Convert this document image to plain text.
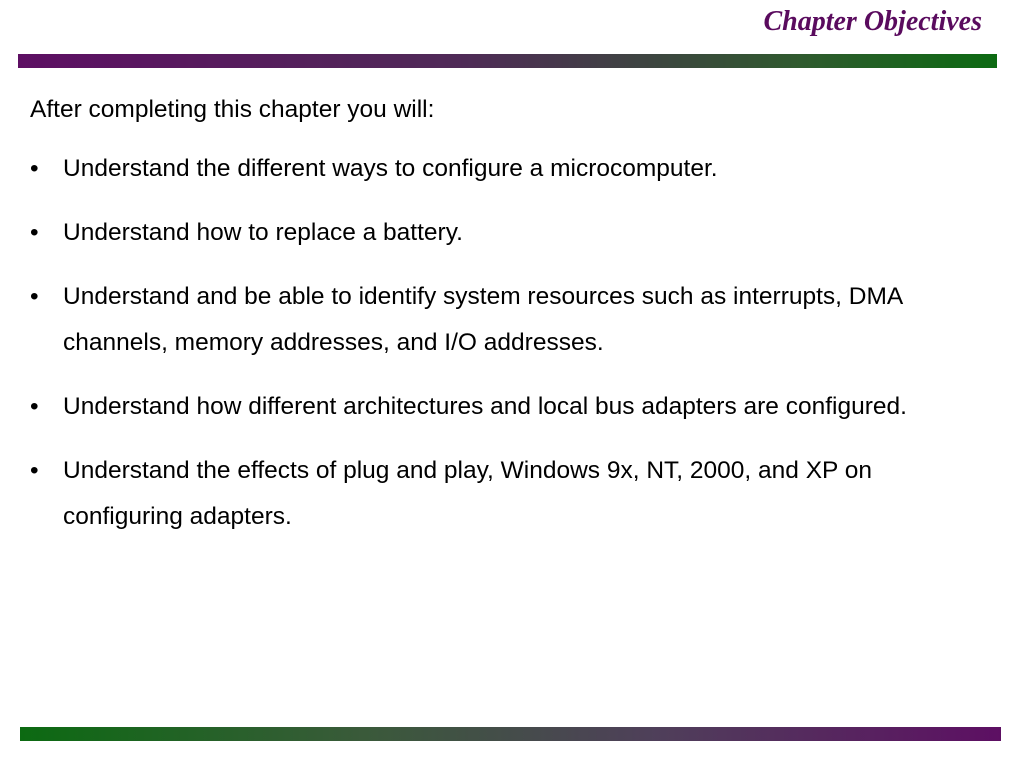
Chapter Objectives

After completing this chapter you will:

• Understand the different ways to configure a microcomputer.
• Understand how to replace a battery.
• Understand and be able to identify system resources such as interrupts, DMA channels, memory addresses, and I/O addresses.
• Understand how different architectures and local bus adapters are configured.
• Understand the effects of plug and play, Windows 9x, NT, 2000, and XP on configuring adapters.
